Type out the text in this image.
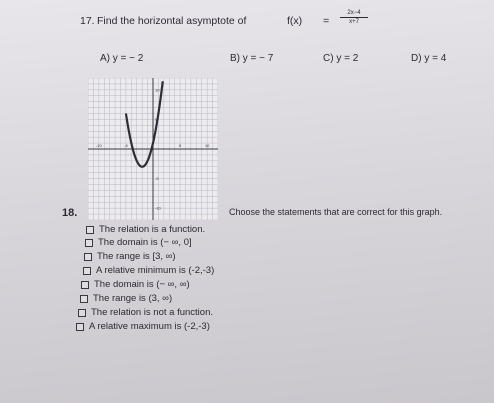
17. Find the horizontal asymptote of	$f(x) = \frac{2x-4}{x+7}$
A) y = − 2	B) y = − 7	C) y = 2	D) y = 4
-10	-5	5	10
10
5
-5
-10
18.	Choose the statements that are correct for this graph.
The relation is a function.
The domain is (− ∞, 0]
The range is [3, ∞)
A relative minimum is (-2,-3)
The domain is (− ∞, ∞)
The range is (3, ∞)
The relation is not a function.
A relative maximum is (-2,-3)
